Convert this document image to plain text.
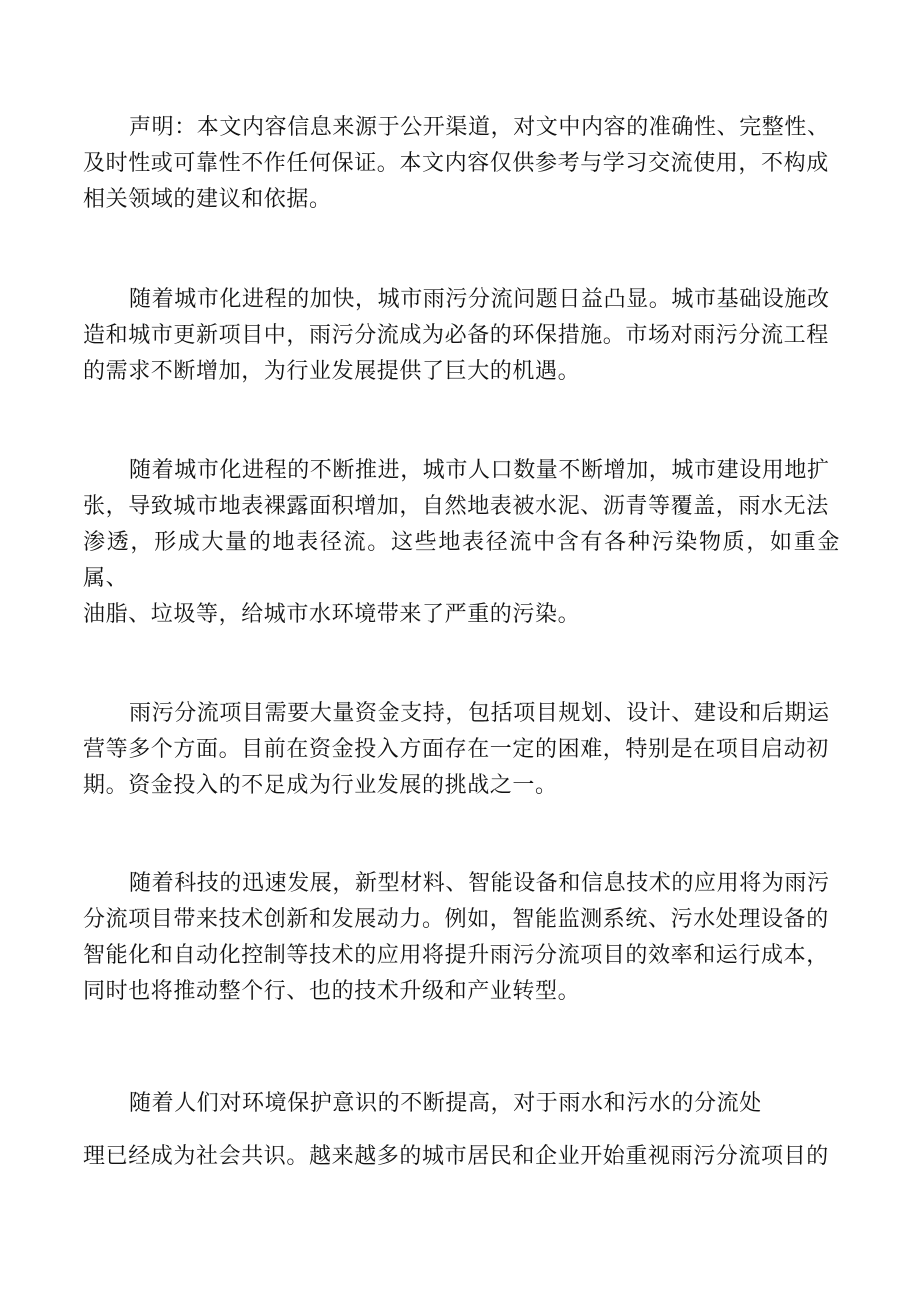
声明：本文内容信息来源于公开渠道，对文中内容的准确性、完整性、
及时性或可靠性不作任何保证。本文内容仅供参考与学习交流使用，不构成
相关领域的建议和依据。

随着城市化进程的加快，城市雨污分流问题日益凸显。城市基础设施改
造和城市更新项目中，雨污分流成为必备的环保措施。市场对雨污分流工程
的需求不断增加，为行业发展提供了巨大的机遇。

随着城市化进程的不断推进，城市人口数量不断增加，城市建设用地扩
张，导致城市地表裸露面积增加，自然地表被水泥、沥青等覆盖，雨水无法
渗透，形成大量的地表径流。这些地表径流中含有各种污染物质，如重金属、
油脂、垃圾等，给城市水环境带来了严重的污染。

雨污分流项目需要大量资金支持，包括项目规划、设计、建设和后期运
营等多个方面。目前在资金投入方面存在一定的困难，特别是在项目启动初
期。资金投入的不足成为行业发展的挑战之一。

随着科技的迅速发展，新型材料、智能设备和信息技术的应用将为雨污
分流项目带来技术创新和发展动力。例如，智能监测系统、污水处理设备的
智能化和自动化控制等技术的应用将提升雨污分流项目的效率和运行成本，
同时也将推动整个行、也的技术升级和产业转型。

随着人们对环境保护意识的不断提高，对于雨水和污水的分流处
理已经成为社会共识。越来越多的城市居民和企业开始重视雨污分流项目的
